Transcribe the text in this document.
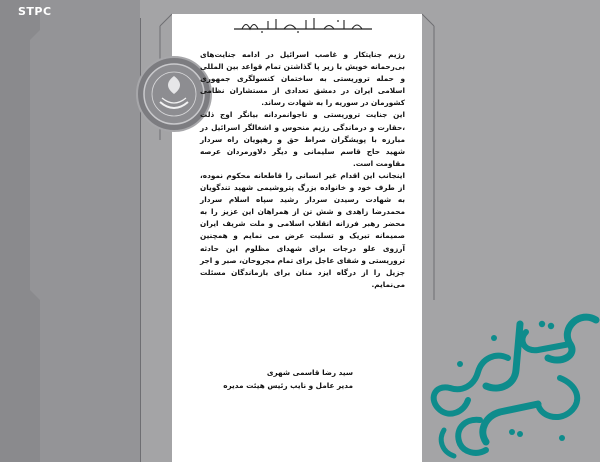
STPC

رژیم جنایتکار و غاصب اسرائیل در ادامه جنایت‌های بی‌رحمانه خویش با زیر پا گذاشتن تمام قواعد بین المللی و حمله تروریستی به ساختمان کنسولگری جمهوری اسلامی ایران در دمشق تعدادی از مستشاران نظامی کشورمان در سوریه را به شهادت رساند.

این جنایت تروریستی و ناجوانمردانه بیانگر اوج ذلت ،حقارت و درماندگی رژیم منحوس و اشغالگر اسرائیل در مبارزه با پویشگران صراط حق و رهپویان راه سردار شهید حاج قاسم سلیمانی و دیگر دلاورمردان عرصه مقاومت است.

اینجانب این اقدام غیر انسانی را قاطعانه محکوم نموده، از طرف خود و خانواده بزرگ پتروشیمی شهید تندگویان به شهادت رسیدن سردار رشید سپاه اسلام سردار محمدرضا زاهدی و شش تن از همراهان این عزیز را به محضر رهبر فرزانه انقلاب اسلامی و ملت شریف ایران صمیمانه تبریک و تسلیت عرض می نمایم و همچنین آرزوی علو درجات برای شهدای مظلوم این حادثه تروریستی و شفای عاجل برای تمام مجروحان، صبر و اجر جزیل را از درگاه ایزد منان برای بازماندگان مسئلت می‌نمایم.

سید رضا قاسمی شهری
مدیر عامل و نایب رئیس هیئت مدیره
